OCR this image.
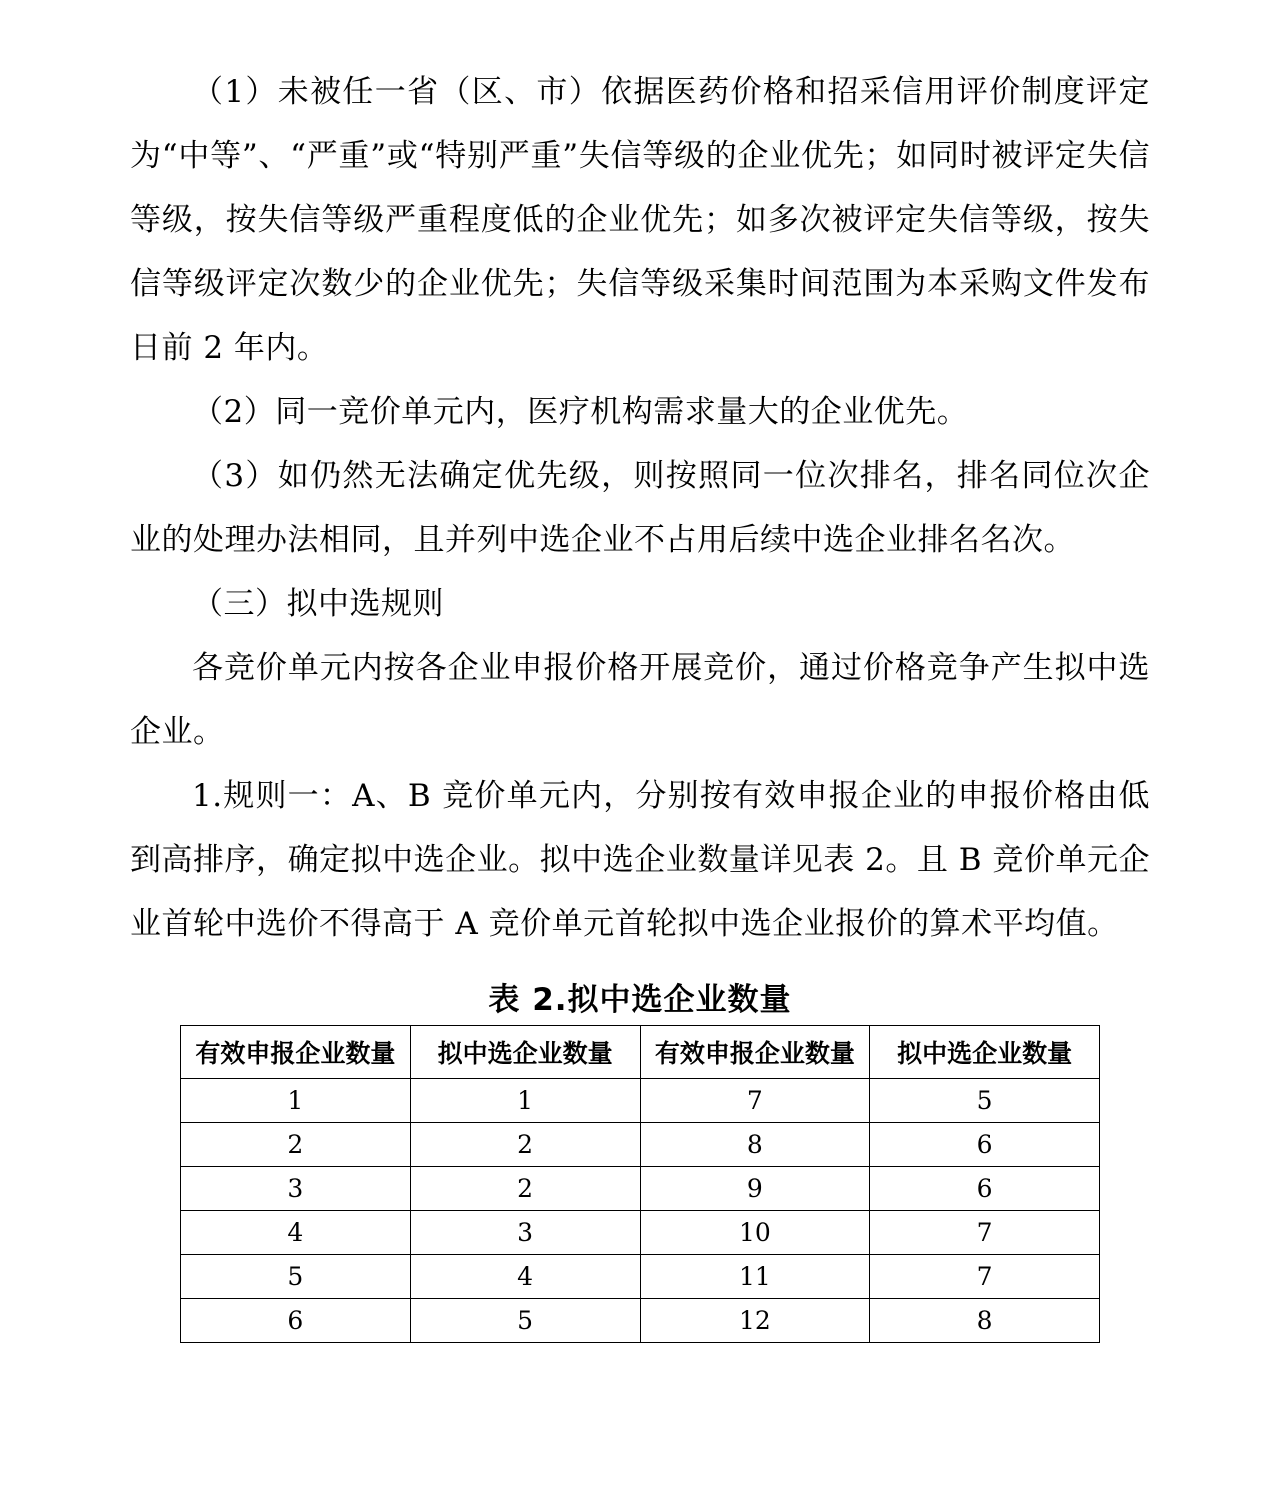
（1）未被任一省（区、市）依据医药价格和招采信用评价制度评定为“中等”、“严重”或“特别严重”失信等级的企业优先；如同时被评定失信等级，按失信等级严重程度低的企业优先；如多次被评定失信等级，按失信等级评定次数少的企业优先；失信等级采集时间范围为本采购文件发布日前 2 年内。

（2）同一竞价单元内，医疗机构需求量大的企业优先。

（3）如仍然无法确定优先级，则按照同一位次排名，排名同位次企业的处理办法相同，且并列中选企业不占用后续中选企业排名名次。

（三）拟中选规则

各竞价单元内按各企业申报价格开展竞价，通过价格竞争产生拟中选企业。

1.规则一：A、B 竞价单元内，分别按有效申报企业的申报价格由低到高排序，确定拟中选企业。拟中选企业数量详见表 2。且 B 竞价单元企业首轮中选价不得高于 A 竞价单元首轮拟中选企业报价的算术平均值。

表 2.拟中选企业数量
有效申报企业数量	拟中选企业数量	有效申报企业数量	拟中选企业数量
1	1	7	5
2	2	8	6
3	2	9	6
4	3	10	7
5	4	11	7
6	5	12	8
